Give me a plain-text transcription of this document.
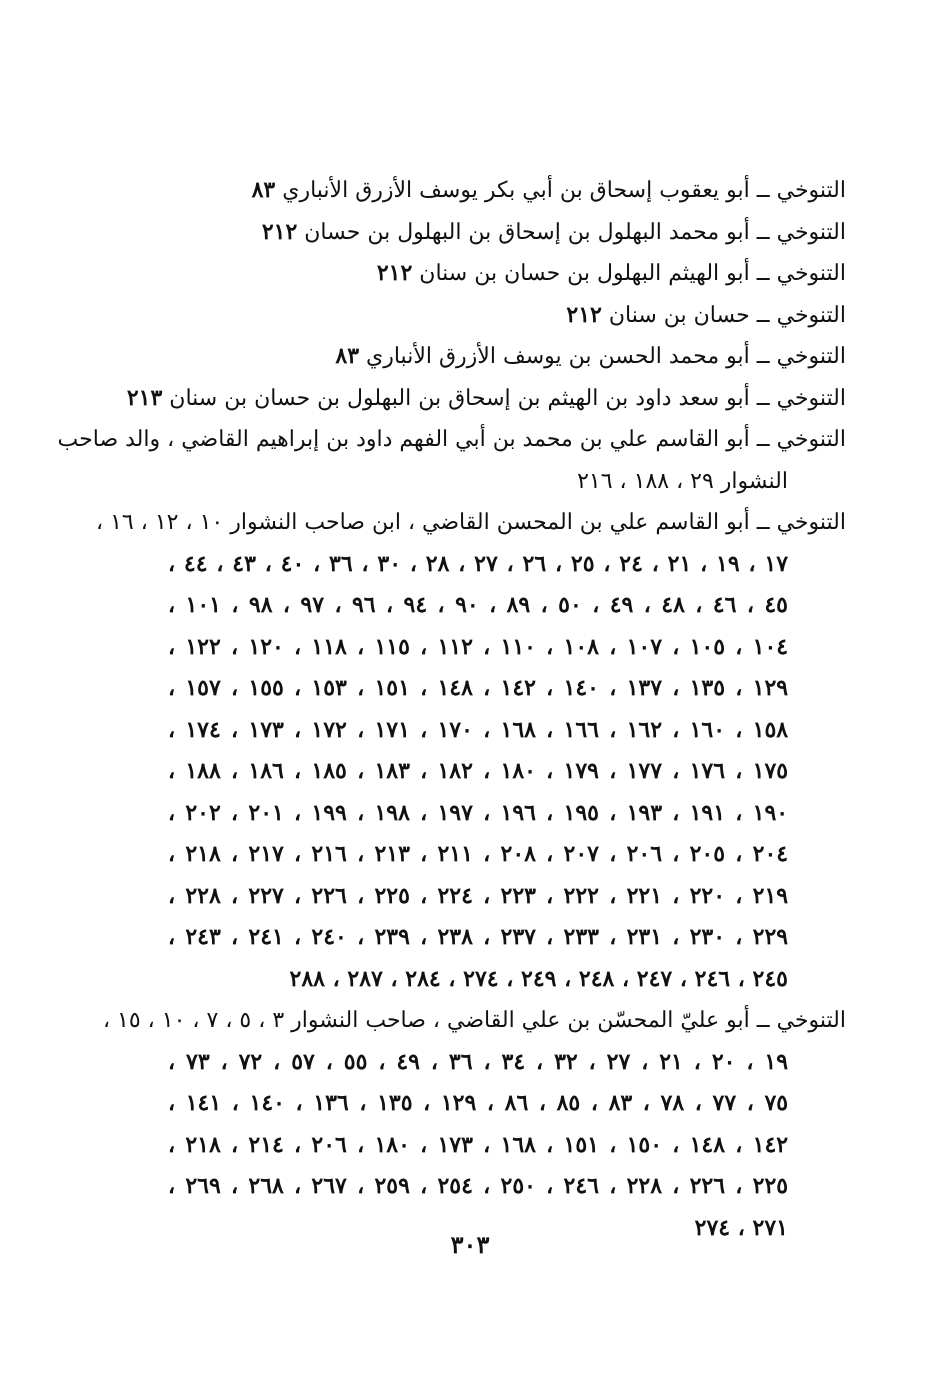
التنوخي ــ أبو يعقوب إسحاق بن أبي بكر يوسف الأزرق الأنباري ٨٣
التنوخي ــ أبو محمد البهلول بن إسحاق بن البهلول بن حسان ٢١٢
التنوخي ــ أبو الهيثم البهلول بن حسان بن سنان ٢١٢
التنوخي ــ حسان بن سنان ٢١٢
التنوخي ــ أبو محمد الحسن بن يوسف الأزرق الأنباري ٨٣
التنوخي ــ أبو سعد داود بن الهيثم بن إسحاق بن البهلول بن حسان بن سنان ٢١٣
التنوخي ــ أبو القاسم علي بن محمد بن أبي الفهم داود بن إبراهيم القاضي ، والد صاحب
النشوار ٢٩ ، ١٨٨ ، ٢١٦
التنوخي ــ أبو القاسم علي بن المحسن القاضي ، ابن صاحب النشوار ١٠ ، ١٢ ، ١٦ ،
١٧ ، ١٩ ، ٢١ ، ٢٤ ، ٢٥ ، ٢٦ ، ٢٧ ، ٢٨ ، ٣٠ ، ٣٦ ، ٤٠ ، ٤٣ ، ٤٤ ،
٤٥ ، ٤٦ ، ٤٨ ، ٤٩ ، ٥٠ ، ٨٩ ، ٩٠ ، ٩٤ ، ٩٦ ، ٩٧ ، ٩٨ ، ١٠١ ،
١٠٤ ، ١٠٥ ، ١٠٧ ، ١٠٨ ، ١١٠ ، ١١٢ ، ١١٥ ، ١١٨ ، ١٢٠ ، ١٢٢ ،
١٢٩ ، ١٣٥ ، ١٣٧ ، ١٤٠ ، ١٤٢ ، ١٤٨ ، ١٥١ ، ١٥٣ ، ١٥٥ ، ١٥٧ ،
١٥٨ ، ١٦٠ ، ١٦٢ ، ١٦٦ ، ١٦٨ ، ١٧٠ ، ١٧١ ، ١٧٢ ، ١٧٣ ، ١٧٤ ،
١٧٥ ، ١٧٦ ، ١٧٧ ، ١٧٩ ، ١٨٠ ، ١٨٢ ، ١٨٣ ، ١٨٥ ، ١٨٦ ، ١٨٨ ،
١٩٠ ، ١٩١ ، ١٩٣ ، ١٩٥ ، ١٩٦ ، ١٩٧ ، ١٩٨ ، ١٩٩ ، ٢٠١ ، ٢٠٢ ،
٢٠٤ ، ٢٠٥ ، ٢٠٦ ، ٢٠٧ ، ٢٠٨ ، ٢١١ ، ٢١٣ ، ٢١٦ ، ٢١٧ ، ٢١٨ ،
٢١٩ ، ٢٢٠ ، ٢٢١ ، ٢٢٢ ، ٢٢٣ ، ٢٢٤ ، ٢٢٥ ، ٢٢٦ ، ٢٢٧ ، ٢٢٨ ،
٢٢٩ ، ٢٣٠ ، ٢٣١ ، ٢٣٣ ، ٢٣٧ ، ٢٣٨ ، ٢٣٩ ، ٢٤٠ ، ٢٤١ ، ٢٤٣ ،
٢٤٥ ، ٢٤٦ ، ٢٤٧ ، ٢٤٨ ، ٢٤٩ ، ٢٧٤ ، ٢٨٤ ، ٢٨٧ ، ٢٨٨
التنوخي ــ أبو عليّ المحسّن بن علي القاضي ، صاحب النشوار ٣ ، ٥ ، ٧ ، ١٠ ، ١٥ ،
١٩ ، ٢٠ ، ٢١ ، ٢٧ ، ٣٢ ، ٣٤ ، ٣٦ ، ٤٩ ، ٥٥ ، ٥٧ ، ٧٢ ، ٧٣ ،
٧٥ ، ٧٧ ، ٧٨ ، ٨٣ ، ٨٥ ، ٨٦ ، ١٢٩ ، ١٣٥ ، ١٣٦ ، ١٤٠ ، ١٤١ ،
١٤٢ ، ١٤٨ ، ١٥٠ ، ١٥١ ، ١٦٨ ، ١٧٣ ، ١٨٠ ، ٢٠٦ ، ٢١٤ ، ٢١٨ ،
٢٢٥ ، ٢٢٦ ، ٢٢٨ ، ٢٤٦ ، ٢٥٠ ، ٢٥٤ ، ٢٥٩ ، ٢٦٧ ، ٢٦٨ ، ٢٦٩ ،
٢٧١ ، ٢٧٤
٣٠٣
